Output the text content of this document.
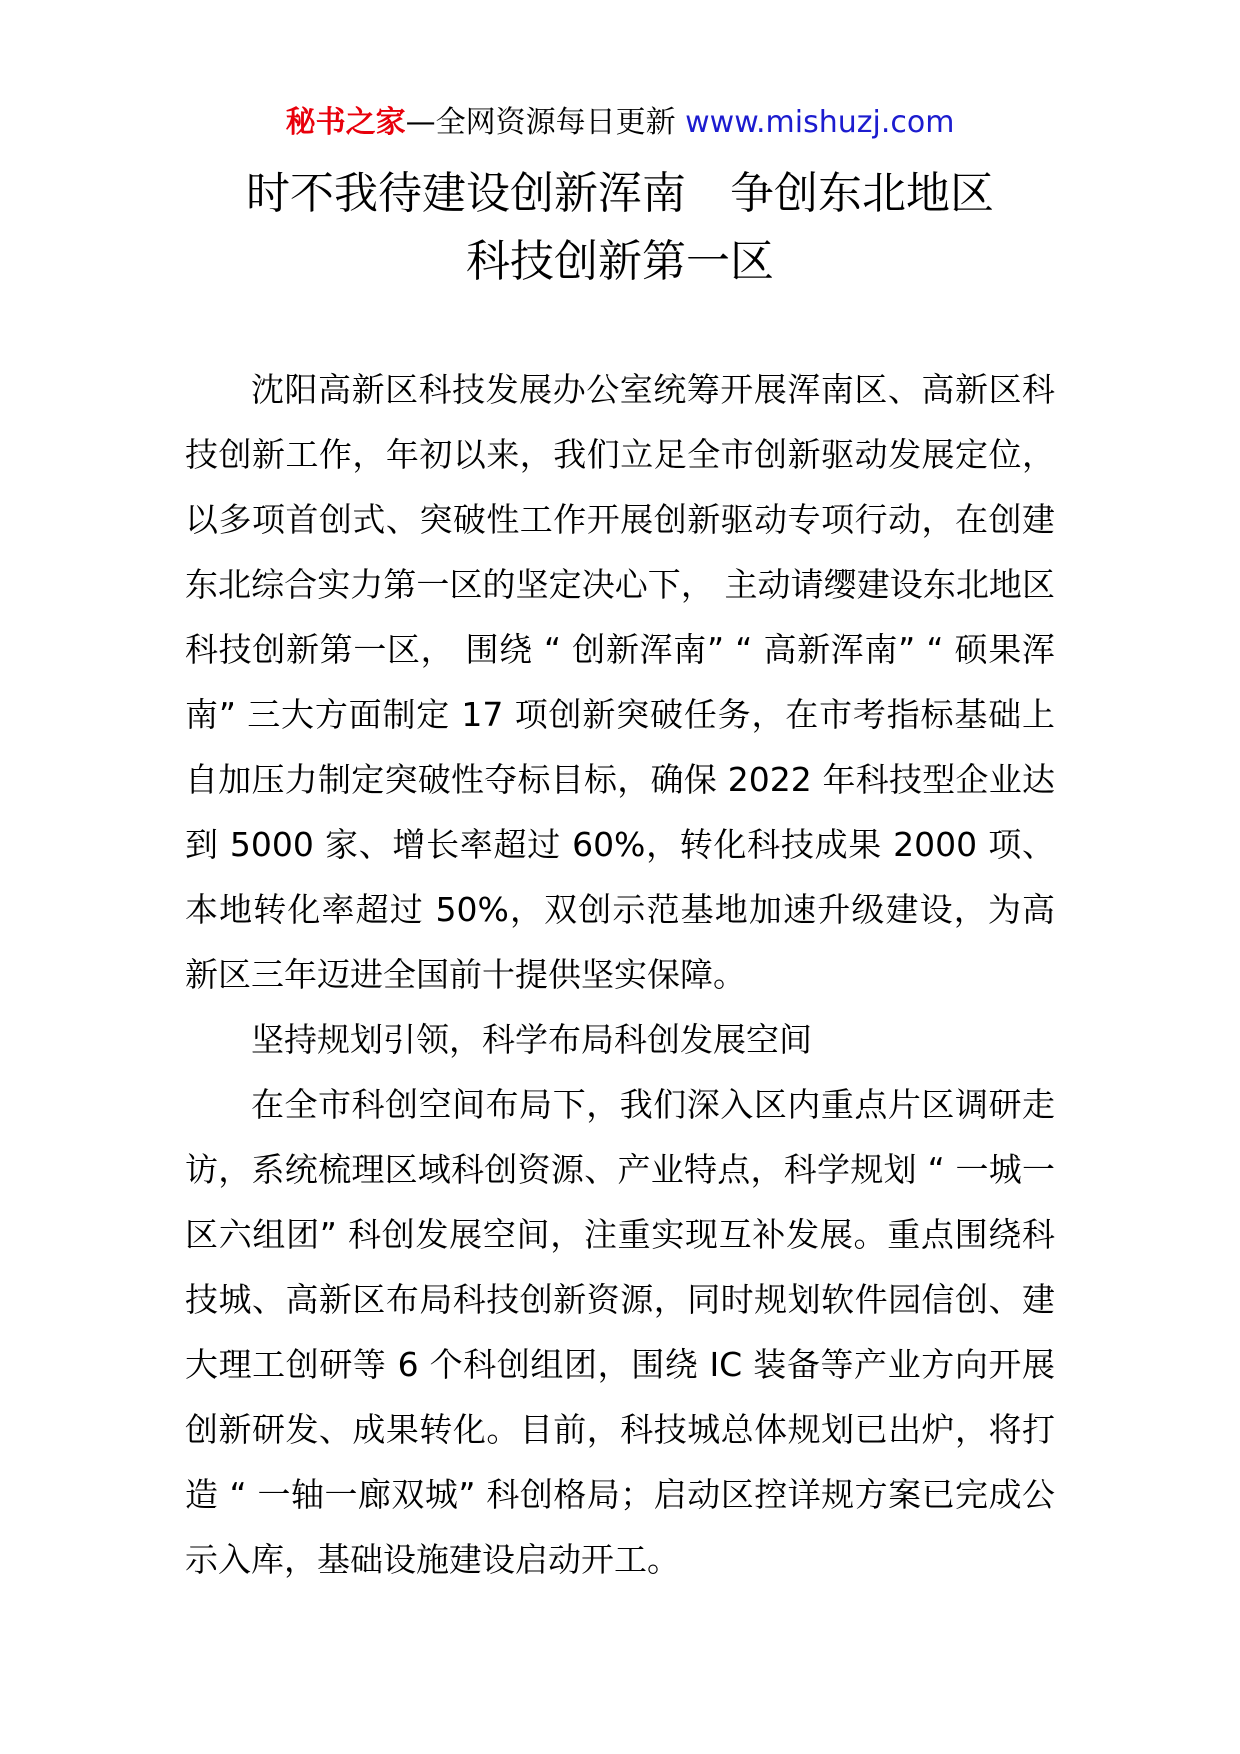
秘书之家—全网资源每日更新 www.mishuzj.com
时不我待建设创新浑南　争创东北地区
科技创新第一区

沈阳高新区科技发展办公室统筹开展浑南区、高新区科技创新工作，年初以来，我们立足全市创新驱动发展定位，以多项首创式、突破性工作开展创新驱动专项行动，在创建东北综合实力第一区的坚定决心下， 主动请缨建设东北地区科技创新第一区， 围绕 “ 创新浑南” “ 高新浑南” “ 硕果浑南” 三大方面制定 17 项创新突破任务，在市考指标基础上自加压力制定突破性夺标目标，确保 2022 年科技型企业达到 5000 家、增长率超过 60%，转化科技成果 2000 项、本地转化率超过 50%，双创示范基地加速升级建设，为高新区三年迈进全国前十提供坚实保障。

坚持规划引领，科学布局科创发展空间

在全市科创空间布局下，我们深入区内重点片区调研走访，系统梳理区域科创资源、产业特点，科学规划 “ 一城一区六组团” 科创发展空间，注重实现互补发展。重点围绕科技城、高新区布局科技创新资源，同时规划软件园信创、建大理工创研等 6 个科创组团，围绕 IC 装备等产业方向开展创新研发、成果转化。目前，科技城总体规划已出炉，将打造 “ 一轴一廊双城” 科创格局；启动区控详规方案已完成公示入库，基础设施建设启动开工。
